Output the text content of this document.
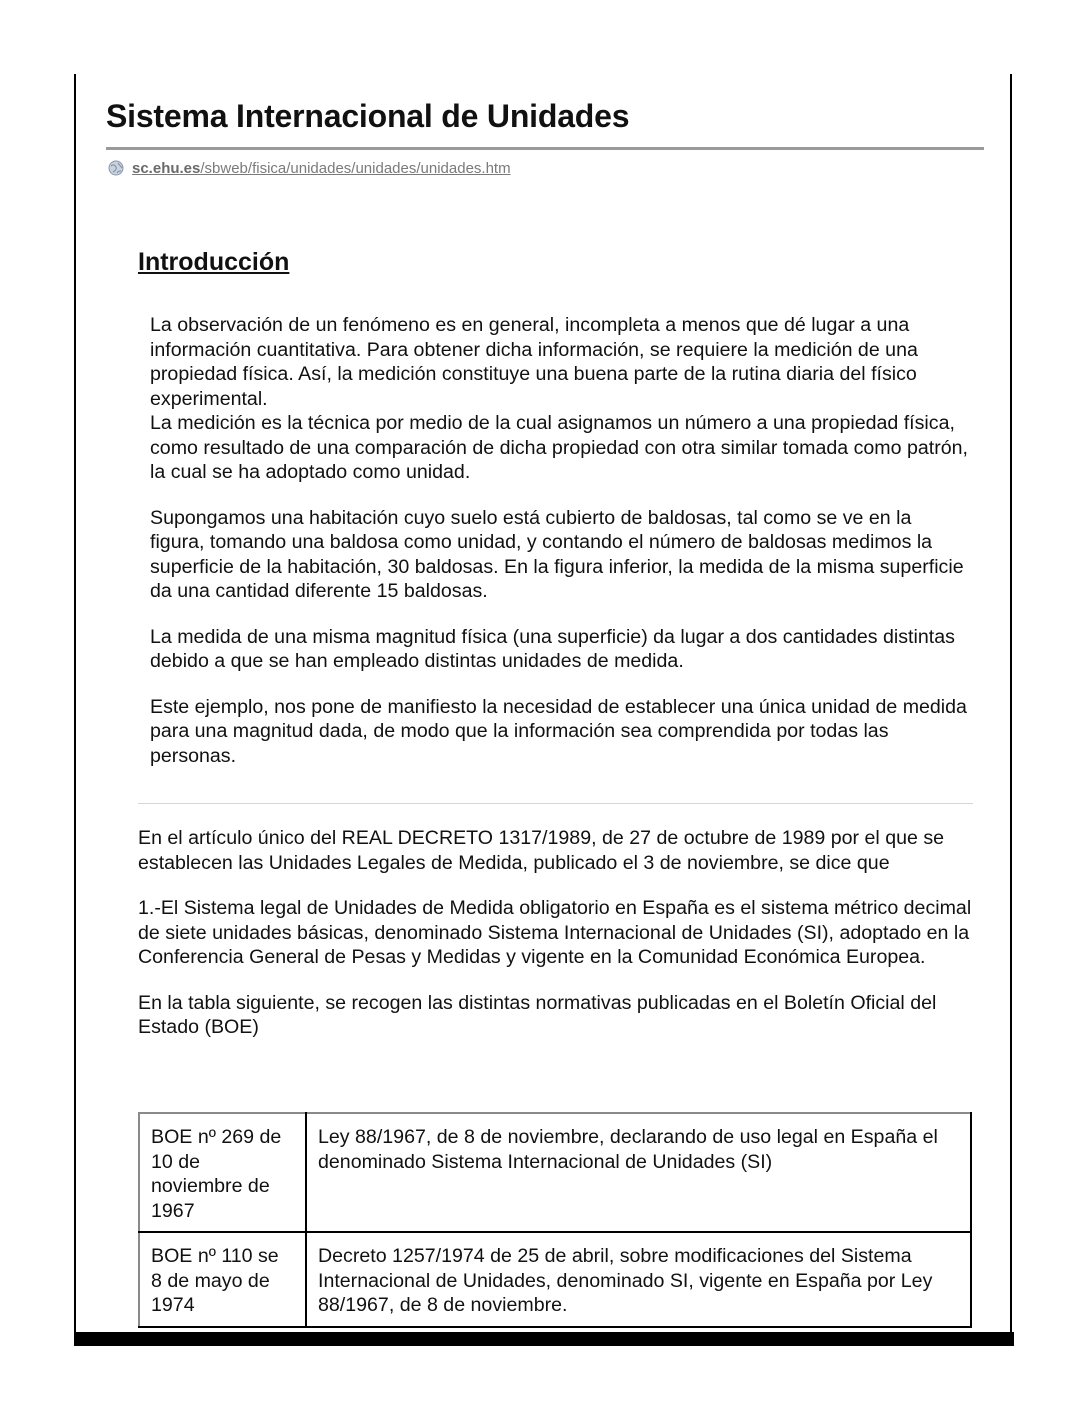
Sistema Internacional de Unidades
sc.ehu.es/sbweb/fisica/unidades/unidades/unidades.htm
Introducción

La observación de un fenómeno es en general, incompleta a menos que dé lugar a una información cuantitativa. Para obtener dicha información, se requiere la medición de una propiedad física. Así, la medición constituye una buena parte de la rutina diaria del físico experimental.
La medición es la técnica por medio de la cual asignamos un número a una propiedad física, como resultado de una comparación de dicha propiedad con otra similar tomada como patrón, la cual se ha adoptado como unidad.

Supongamos una habitación cuyo suelo está cubierto de baldosas, tal como se ve en la figura, tomando una baldosa como unidad, y contando el número de baldosas medimos la superficie de la habitación, 30 baldosas. En la figura inferior, la medida de la misma superficie da una cantidad diferente 15 baldosas.

La medida de una misma magnitud física (una superficie) da lugar a dos cantidades distintas debido a que se han empleado distintas unidades de medida.

Este ejemplo, nos pone de manifiesto la necesidad de establecer una única unidad de medida para una magnitud dada, de modo que la información sea comprendida por todas las personas.

En el artículo único del REAL DECRETO 1317/1989, de 27 de octubre de 1989 por el que se establecen las Unidades Legales de Medida, publicado el 3 de noviembre, se dice que

1.-El Sistema legal de Unidades de Medida obligatorio en España es el sistema métrico decimal de siete unidades básicas, denominado Sistema Internacional de Unidades (SI), adoptado en la Conferencia General de Pesas y Medidas y vigente en la Comunidad Económica Europea.

En la tabla siguiente, se recogen las distintas normativas publicadas en el Boletín Oficial del Estado (BOE)

BOE nº 269 de 10 de noviembre de 1967	Ley 88/1967, de 8 de noviembre, declarando de uso legal en España el denominado Sistema Internacional de Unidades (SI)
BOE nº 110 se 8 de mayo de 1974	Decreto 1257/1974 de 25 de abril, sobre modificaciones del Sistema Internacional de Unidades, denominado SI, vigente en España por Ley 88/1967, de 8 de noviembre.
